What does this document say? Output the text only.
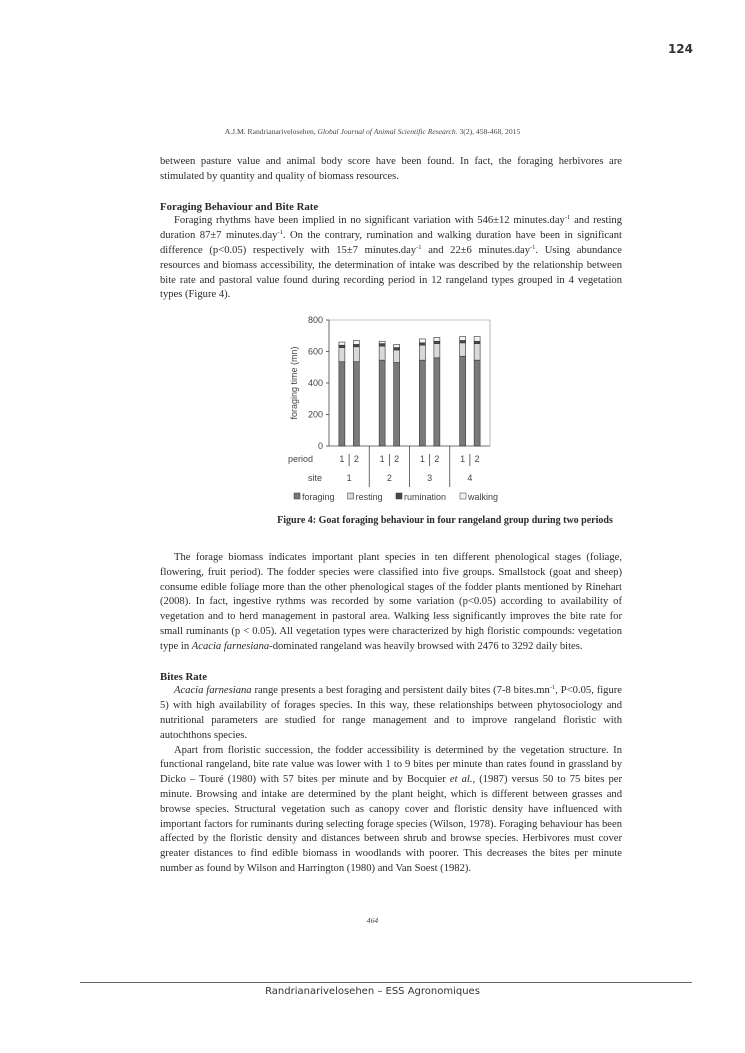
124
A.J.M. Randrianarivelosehen, Global Journal of Animal Scientific Research. 3(2), 458-468, 2015

between pasture value and animal body score have been found. In fact, the foraging herbivores are stimulated by quantity and quality of biomass resources.

Foraging Behaviour and Bite Rate

Foraging rhythms have been implied in no significant variation with 546±12 minutes.day$^{-1}$ and resting duration 87±7 minutes.day$^{-1}$. On the contrary, rumination and walking duration have been in significant difference (p<0.05) respectively with 15±7 minutes.day$^{-1}$ and 22±6 minutes.day$^{-1}$. Using abundance resources and biomass accessibility, the determination of intake was described by the relationship between bite rate and pastoral value found during recording period in 12 rangeland types grouped in 4 vegetation types (Figure 4).

foraging time (mn)
0
200
400
600
800
period	1 2 1 2 1 2 1 2
site	1	2	3	4
foraging resting rumination walking
Figure 4: Goat foraging behaviour in four rangeland group during two periods

The forage biomass indicates important plant species in ten different phenological stages (foliage, flowering, fruit period). The fodder species were classified into five groups. Smallstock (goat and sheep) consume edible foliage more than the other phenological stages of the fodder plants mentioned by Rinehart (2008). In fact, ingestive rythms was recorded by some variation (p<0.05) according to availability of vegetation and to herd management in pastoral area. Walking less significantly improves the bite rate for small ruminants (p < 0.05). All vegetation types were characterized by high floristic compounds: vegetation type in Acacia farnesiana-dominated rangeland was heavily browsed with 2476 to 3292 daily bites.

Bites Rate

Acacia farnesiana range presents a best foraging and persistent daily bites (7-8 $bites.mn^{-1}$, P<0.05, figure 5) with high availability of forages species. In this way, these relationships between phytosociology and nutritional parameters are studied for range management and to improve rangeland floristic with autochthons species.

Apart from floristic succession, the fodder accessibility is determined by the vegetation structure. In functional rangeland, bite rate value was lower with 1 to 9 bites per minute than rates found in grassland by Dicko – Touré (1980) with 57 bites per minute and by Bocquier et al., (1987) versus 50 to 75 bites per minute. Browsing and intake are determined by the plant height, which is different between grasses and browse species. Structural vegetation such as canopy cover and floristic density have influenced with important factors for ruminants during selecting forage species (Wilson, 1978). Foraging behaviour has been affected by the floristic density and distances between shrub and browse species. Herbivores must cover greater distances to find edible biomass in woodlands with poorer. This decreases the bites per minute number as found by Wilson and Harrington (1980) and Van Soest (1982).

464
Randrianarivelosehen – ESS Agronomiques
